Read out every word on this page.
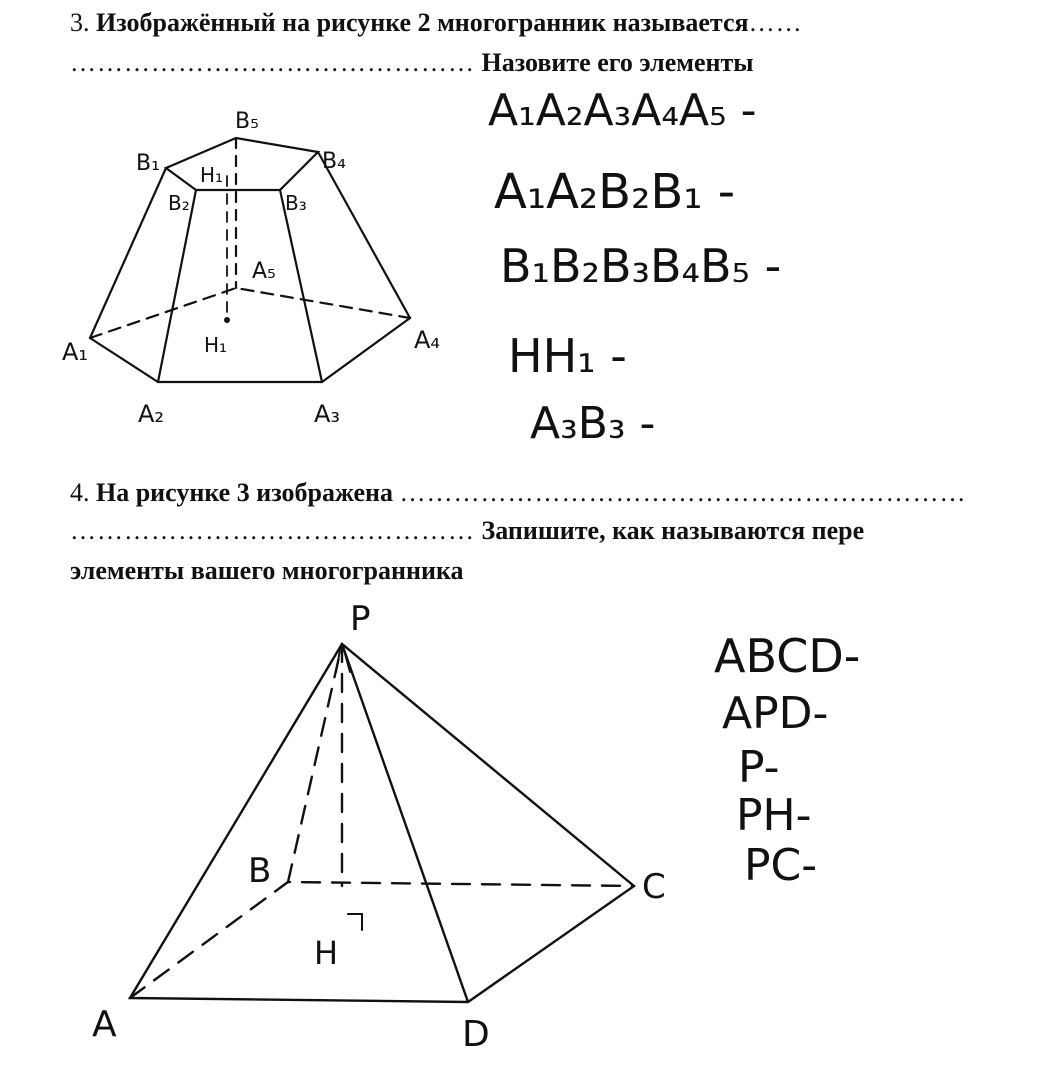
3. Изображённый на рисунке 2 многогранник называется……
……………………………………… Назовите его элементы
4. На рисунке 3 изображена ………………………………………………………
……………………………………… Запишите, как называются пере
элементы вашего многогранника
B₅
B₁	B₄
H₁
B₂	B₃
A₅
H₁
A₁	A₄
A₂	A₃
A₁A₂A₃A₄A₅ -
A₁A₂B₂B₁ -
B₁B₂B₃B₄B₅ -
HH₁ -
A₃B₃ -
P
B	C
H
A	D
ABCD-
APD-
P-
PH-
PC-
